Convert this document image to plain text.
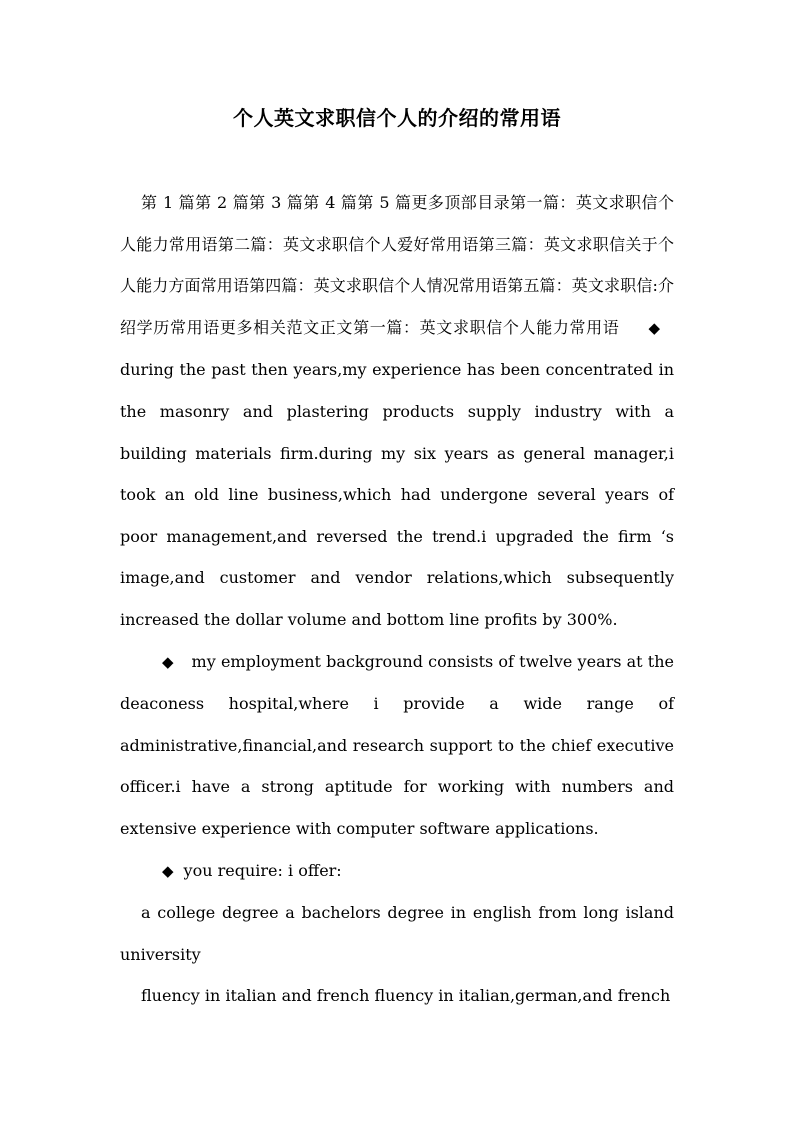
个人英文求职信个人的介绍的常用语

第 1 篇第 2 篇第 3 篇第 4 篇第 5 篇更多顶部目录第一篇：英文求职信个人能力常用语第二篇：英文求职信个人爱好常用语第三篇：英文求职信关于个人能力方面常用语第四篇：英文求职信个人情况常用语第五篇：英文求职信:介绍学历常用语更多相关范文正文第一篇：英文求职信个人能力常用语 ◆during the past then years,my experience has been concentrated in the masonry and plastering products supply industry with a building materials firm.during my six years as general manager,i took an old line business,which had undergone several years of poor management,and reversed the trend.i upgraded the firm ‘s image,and customer and vendor relations,which subsequently increased the dollar volume and bottom line profits by 300%.

◆ my employment background consists of twelve years at the deaconess hospital,where i provide a wide range of administrative,financial,and research support to the chief executive officer.i have a strong aptitude for working with numbers and extensive experience with computer software applications.

◆ you require: i offer:

a college degree a bachelors degree in english from long island university

fluency in italian and french fluency in italian,german,and french
